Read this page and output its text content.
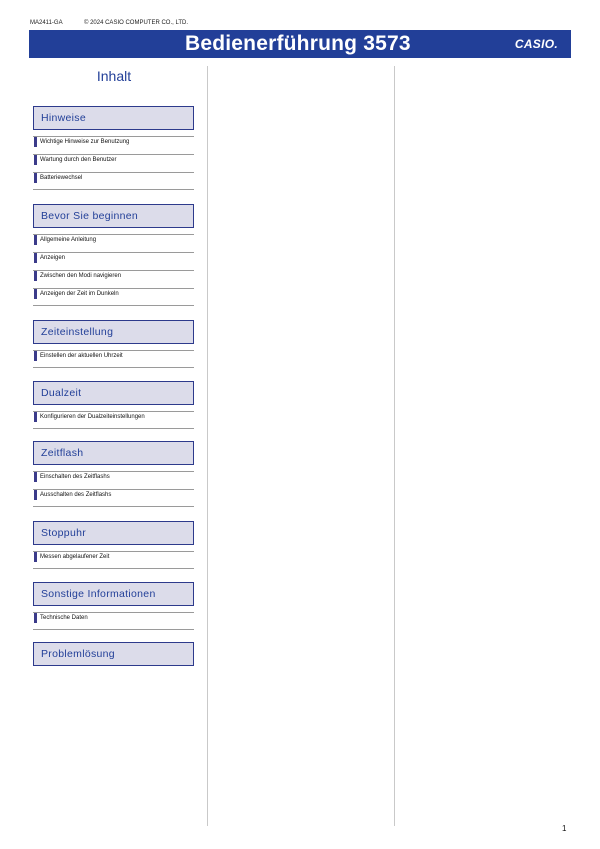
MA2411-GA	© 2024 CASIO COMPUTER CO., LTD.
Bedienerführung 3573	CASIO.
Inhalt
Hinweise
Wichtige Hinweise zur Benutzung
Wartung durch den Benutzer
Batteriewechsel
Bevor Sie beginnen
Allgemeine Anleitung
Anzeigen
Zwischen den Modi navigieren
Anzeigen der Zeit im Dunkeln
Zeiteinstellung
Einstellen der aktuellen Uhrzeit
Dualzeit
Konfigurieren der Dualzeiteinstellungen
Zeitflash
Einschalten des Zeitflashs
Ausschalten des Zeitflashs
Stoppuhr
Messen abgelaufener Zeit
Sonstige Informationen
Technische Daten
Problemlösung
1
